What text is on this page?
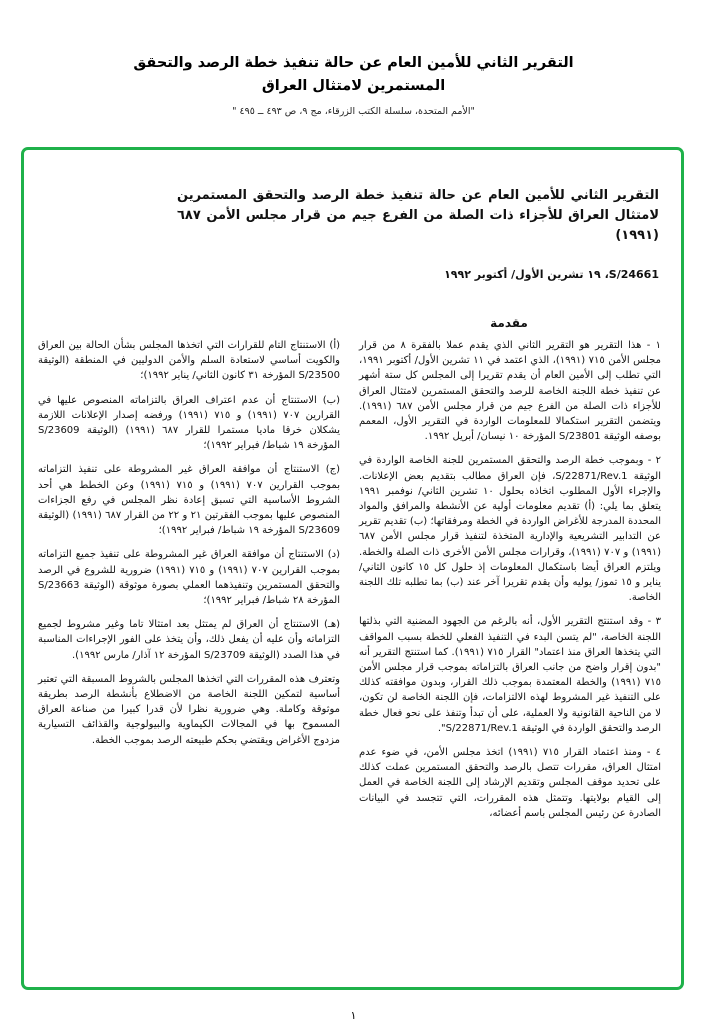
التقرير الثاني للأمين العام عن حالة تنفيذ خطة الرصد والتحقق
المستمرين لامتثال العراق
"الأمم المتحدة، سلسلة الكتب الزرقاء، مج ٩، ص ٤٩٣ ــ ٤٩٥ "
التقرير الثاني للأمين العام عن حالة تنفيذ خطة الرصد والتحقق المستمرين لامتثال العراق للأجزاء ذات الصلة من الفرع جيم من قرار مجلس الأمن ٦٨٧ (١٩٩١)
S/24661، ١٩ تشرين الأول/ أكتوبر ١٩٩٢
مقدمة

١ - هذا التقرير هو التقرير الثاني الذي يقدم عملا بالفقرة ٨ من قرار مجلس الأمن ٧١٥ (١٩٩١)، الذي اعتمد في ١١ تشرين الأول/ أكتوبر ١٩٩١، التي تطلب إلى الأمين العام أن يقدم تقريرا إلى المجلس كل ستة أشهر عن تنفيذ خطة اللجنة الخاصة للرصد والتحقق المستمرين لامتثال العراق للأجزاء ذات الصلة من الفرع جيم من قرار مجلس الأمن ٦٨٧ (١٩٩١). ويتضمن التقرير استكمالا للمعلومات الواردة في التقرير الأول، المعمم بوصفه الوثيقة S/23801 المؤرخة ١٠ نيسان/ أبريل ١٩٩٢.

٢ - وبموجب خطة الرصد والتحقق المستمرين للجنة الخاصة الواردة في الوثيقة S/22871/Rev.1، فإن العراق مطالب بتقديم بعض الإعلانات. والإجراء الأول المطلوب اتخاذه بحلول ١٠ تشرين الثاني/ نوفمبر ١٩٩١ يتعلق بما يلي: (أ) تقديم معلومات أولية عن الأنشطة والمرافق والمواد المحددة المدرجة للأغراض الواردة في الخطة ومرفقاتها؛ (ب) تقديم تقرير عن التدابير التشريعية والإدارية المتخذة لتنفيذ قرار مجلس الأمن ٦٨٧ (١٩٩١) و ٧٠٧ (١٩٩١)، وقرارات مجلس الأمن الأخرى ذات الصلة والخطة. ويلتزم العراق أيضا باستكمال المعلومات إذ حلول كل ١٥ كانون الثاني/ يناير و ١٥ تموز/ يوليه وأن يقدم تقريرا آخر عند (ب) بما تطلبه تلك اللجنة الخاصة.

٣ - وقد استنتج التقرير الأول، أنه بالرغم من الجهود المضنية التي بذلتها اللجنة الخاصة، "لم يتسن البدء في التنفيذ الفعلي للخطة بسبب المواقف التي يتخذها العراق منذ اعتماد" القرار ٧١٥ (١٩٩١). كما استنتج التقرير أنه "بدون إقرار واضح من جانب العراق بالتزاماته بموجب قرار مجلس الأمن ٧١٥ (١٩٩١) والخطة المعتمدة بموجب ذلك القرار، وبدون موافقته كذلك على التنفيذ غير المشروط لهذه الالتزامات، فإن اللجنة الخاصة لن تكون، لا من الناحية القانونية ولا العملية، على أن تبدأ وتنفذ على نحو فعال خطة الرصد والتحقق الواردة في الوثيقة S/22871/Rev.1".

٤ - ومنذ اعتماد القرار ٧١٥ (١٩٩١) اتخذ مجلس الأمن، في ضوء عدم امتثال العراق، مقررات تتصل بالرصد والتحقق المستمرين عملت كذلك على تحديد موقف المجلس وتقديم الإرشاد إلى اللجنة الخاصة في العمل إلى القيام بولايتها. وتتمثل هذه المقررات، التي تتجسد في البيانات الصادرة عن رئيس المجلس باسم أعضائه،

(أ) الاستنتاج التام للقرارات التي اتخذها المجلس بشأن الحالة بين العراق والكويت أساسي لاستعادة السلم والأمن الدوليين في المنطقة (الوثيقة S/23500 المؤرخة ٣١ كانون الثاني/ يناير ١٩٩٢)؛

(ب) الاستنتاج أن عدم اعتراف العراق بالتزاماته المنصوص عليها في القرارين ٧٠٧ (١٩٩١) و ٧١٥ (١٩٩١) ورفضه إصدار الإعلانات اللازمة يشكلان خرقا ماديا مستمرا للقرار ٦٨٧ (١٩٩١) (الوثيقة S/23609 المؤرخة ١٩ شباط/ فبراير ١٩٩٢)؛

(ج) الاستنتاج أن موافقة العراق غير المشروطة على تنفيذ التزاماته بموجب القرارين ٧٠٧ (١٩٩١) و ٧١٥ (١٩٩١) وعن الخطط هي أحد الشروط الأساسية التي تسبق إعادة نظر المجلس في رفع الجزاءات المنصوص عليها بموجب الفقرتين ٢١ و ٢٢ من القرار ٦٨٧ (١٩٩١) (الوثيقة S/23609 المؤرخة ١٩ شباط/ فبراير ١٩٩٢)؛

(د) الاستنتاج أن موافقة العراق غير المشروطة على تنفيذ جميع التزاماته بموجب القرارين ٧٠٧ (١٩٩١) و ٧١٥ (١٩٩١) ضرورية للشروع في الرصد والتحقق المستمرين وتنفيذهما العملي بصورة موثوقة (الوثيقة S/23663 المؤرخة ٢٨ شباط/ فبراير ١٩٩٢)؛

(هـ) الاستنتاج أن العراق لم يمتثل بعد امتثالا تاما وغير مشروط لجميع التزاماته وأن عليه أن يفعل ذلك، وأن يتخذ على الفور الإجراءات المناسبة في هذا الصدد (الوثيقة S/23709 المؤرخة ١٢ آذار/ مارس ١٩٩٢).

وتعترف هذه المقررات التي اتخذها المجلس بالشروط المسبقة التي تعتبر أساسية لتمكين اللجنة الخاصة من الاضطلاع بأنشطة الرصد بطريقة موثوقة وكاملة. وهي ضرورية نظرا لأن قدرا كبيرا من صناعة العراق المسموح بها في المجالات الكيماوية والبيولوجية والقذائف التسيارية مزدوج الأغراض ويقتضي بحكم طبيعته الرصد بموجب الخطة.

١
